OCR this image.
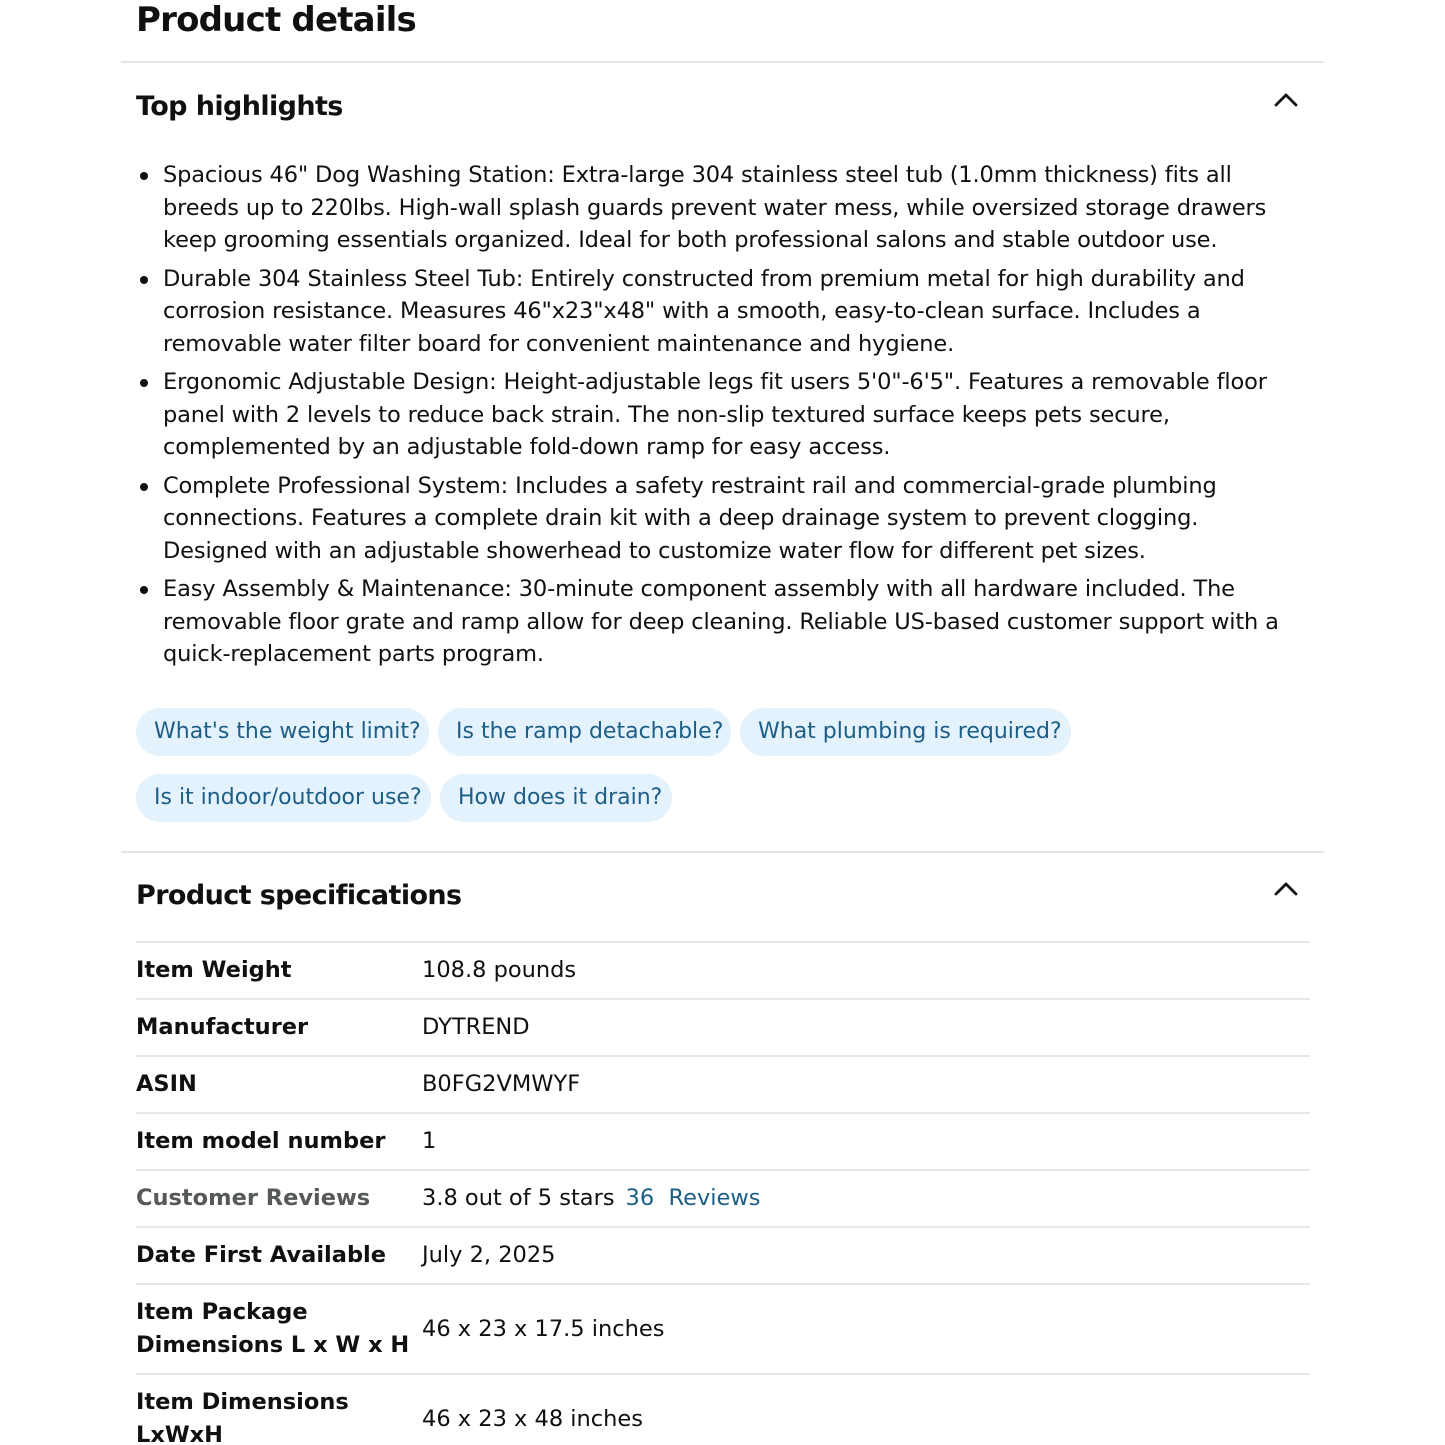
Product details
Top highlights
Spacious 46" Dog Washing Station: Extra-large 304 stainless steel tub (1.0mm thickness) fits all breeds up to 220lbs. High-wall splash guards prevent water mess, while oversized storage drawers keep grooming essentials organized. Ideal for both professional salons and stable outdoor use.
Durable 304 Stainless Steel Tub: Entirely constructed from premium metal for high durability and corrosion resistance. Measures 46"x23"x48" with a smooth, easy-to-clean surface. Includes a removable water filter board for convenient maintenance and hygiene.
Ergonomic Adjustable Design: Height-adjustable legs fit users 5'0"-6'5". Features a removable floor panel with 2 levels to reduce back strain. The non-slip textured surface keeps pets secure, complemented by an adjustable fold-down ramp for easy access.
Complete Professional System: Includes a safety restraint rail and commercial-grade plumbing connections. Features a complete drain kit with a deep drainage system to prevent clogging. Designed with an adjustable showerhead to customize water flow for different pet sizes.
Easy Assembly & Maintenance: 30-minute component assembly with all hardware included. The removable floor grate and ramp allow for deep cleaning. Reliable US-based customer support with a quick-replacement parts program.
What's the weight limit?	Is the ramp detachable?	What plumbing is required?
Is it indoor/outdoor use?	How does it drain?
Product specifications
Item Weight	108.8 pounds
Manufacturer	DYTREND
ASIN	B0FG2VMWYF
Item model number	1
Customer Reviews	3.8 out of 5 stars 36 Reviews
Date First Available	July 2, 2025
Item Package Dimensions L x W x H	46 x 23 x 17.5 inches
Item Dimensions LxWxH	46 x 23 x 48 inches
